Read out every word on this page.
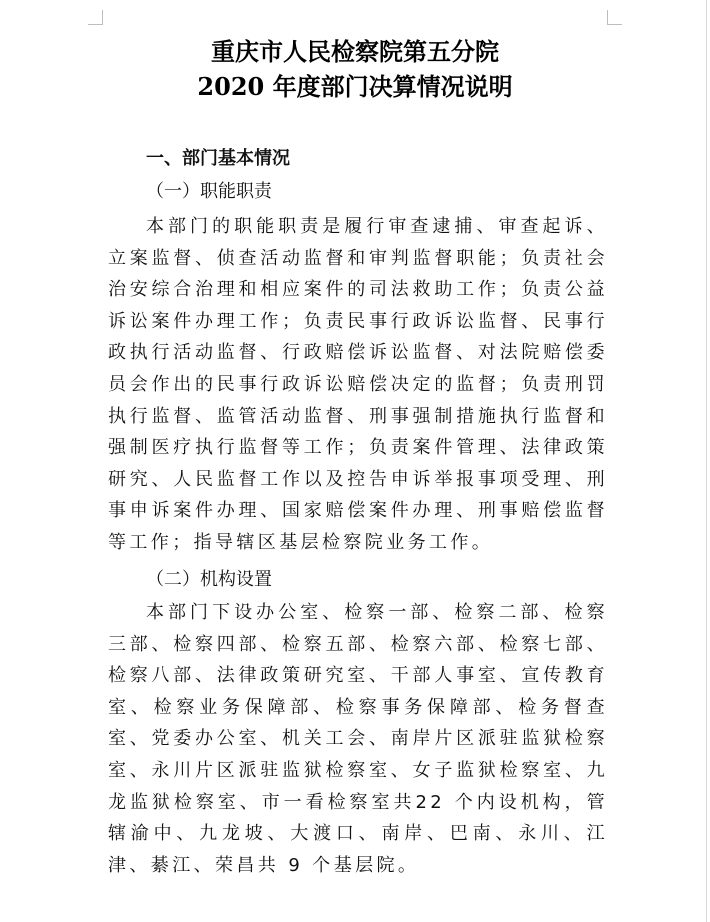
重庆市人民检察院第五分院
2020 年度部门决算情况说明
一、部门基本情况
（一）职能职责

本部门的职能职责是履行审查逮捕、审查起诉、立案监督、侦查活动监督和审判监督职能；负责社会治安综合治理和相应案件的司法救助工作；负责公益诉讼案件办理工作；负责民事行政诉讼监督、民事行政执行活动监督、行政赔偿诉讼监督、对法院赔偿委员会作出的民事行政诉讼赔偿决定的监督；负责刑罚执行监督、监管活动监督、刑事强制措施执行监督和强制医疗执行监督等工作；负责案件管理、法律政策研究、人民监督工作以及控告申诉举报事项受理、刑事申诉案件办理、国家赔偿案件办理、刑事赔偿监督等工作；指导辖区基层检察院业务工作。

（二）机构设置

本部门下设办公室、检察一部、检察二部、检察三部、检察四部、检察五部、检察六部、检察七部、检察八部、法律政策研究室、干部人事室、宣传教育室、检察业务保障部、检察事务保障部、检务督查室、党委办公室、机关工会、南岸片区派驻监狱检察室、永川片区派驻监狱检察室、女子监狱检察室、九龙监狱检察室、市一看检察室共22 个内设机构，管辖渝中、九龙坡、大渡口、南岸、巴南、永川、江津、綦江、荣昌共 9 个基层院。
